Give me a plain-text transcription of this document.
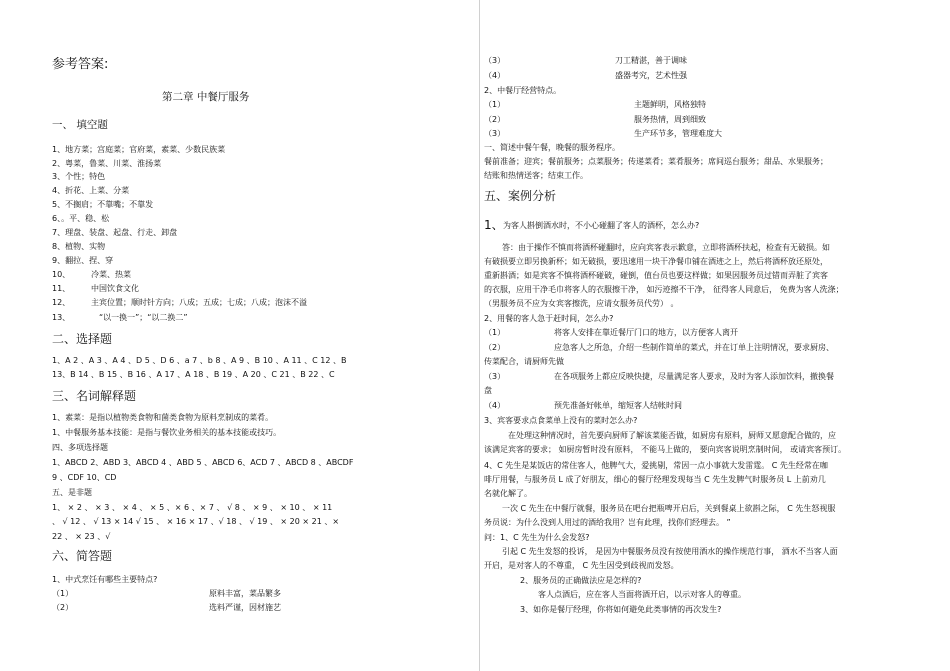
参考答案:
第二章 中餐厅服务
一、 填空题
1、地方菜；宫庭菜；官府菜，素菜、少数民族菜
2、粤菜，鲁菜、川菜、淮扬菜
3、个性；特色
4、折花、上菜、分菜
5、不搁肩；不靠嘴；不靠发
6、。平、稳、松
7、理盘、装盘、起盘、行走、卸盘
8、植物、实物
9、翻拉、捏、穿
10、	冷菜、热菜
11、	中国饮食文化
12、	主宾位置；顺时针方向；八成；五成；七成；八成；泡沫不溢
13、	“以一换一”；“以二换二”
二、选择题
1、A 2 、A 3 、A 4 、D 5 、D 6 、a 7 、b 8 、A 9 、B 10 、A 11 、C 12 、B
13、B 14 、B 15 、B 16 、A 17 、A 18 、B 19 、A 20 、C 21 、B 22 、C
三、名词解释题
1、素菜：是指以植物类食物和菌类食物为原料烹制成的菜肴。
1、中餐服务基本技能：是指与餐饮业务相关的基本技能或技巧。
四、多项选择题
1、ABCD 2、ABD 3、ABCD 4 、ABD 5 、ABCD 6、ACD 7 、ABCD 8 、ABCDF
9 、CDF 10、CD
五、是非题
1、 × 2 、 × 3 、 × 4 、 × 5 、× 6 、× 7 、 √ 8 、 × 9 、 × 10 、 × 11
、 √ 12 、 √ 13 × 14 √ 15 、 × 16 × 17 、√ 18 、 √ 19 、 × 20 × 21 、×
22 、 × 23 、√
六、简答题
1、中式烹饪有哪些主要特点?
（1）	原料丰富，菜品繁多
（2）	选料严谨，因材施艺
（3）	刀工精湛，善于调味
（4）	盛器考究，艺术性强
2、中餐厅经营特点。
（1）	主题鲜明，风格独特
（2）	服务热情，周到细致
（3）	生产环节多，管理难度大
一、简述中餐午餐，晚餐的服务程序。
餐前准备；迎宾；餐前服务；点菜服务；传递菜肴；菜肴服务；席间巡台服务；甜品、水果服务；
结账和热情送客；结束工作。
五、案例分析
1、 为客人斟倒酒水时，不小心碰翻了客人的酒杯，怎么办?
答：由于操作不慎而将酒杯碰翻时，应向宾客表示歉意，立即将酒杯扶起，检查有无破损。如
有破损要立即另换新杯；如无破损，要迅速用一块干净餐巾铺在酒迹之上，然后将酒杯放还原处，
重新斟酒；如是宾客不慎将酒杯碰破，碰倒，值台员也要这样做；如果因服务员过错而弄脏了宾客
的衣服，应用干净毛巾将客人的衣服擦干净， 如污迹擦不干净， 征得客人同意后， 免费为客人洗涤；
（男服务员不应为女宾客擦洗，应请女服务员代劳） 。
2、用餐的客人急于赶时间，怎么办?
（1）	将客人安排在靠近餐厅门口的地方，以方便客人离开
（2）	应急客人之所急，介绍一些制作简单的菜式，并在订单上注明情况，要求厨房、
传菜配合，请厨师先做
（3）	在各项服务上都应反映快捷，尽量满足客人要求，及时为客人添加饮料，撤换餐
盘
（4）	预先准备好帐单，缩短客人结帐时间
3、宾客要求点食菜单上没有的菜时怎么办?
在处理这种情况时，首先要向厨师了解该菜能否做，如厨房有原料，厨师又愿意配合做的，应
该满足宾客的要求； 如厨房暂时没有原料， 不能马上做的， 要向宾客说明烹制时间， 或请宾客预订。
4、C 先生是某饭店的常住客人，他脾气大，爱挑剔，常因一点小事就大发雷霆。 C 先生经常在咖
啡厅用餐，与服务员 L 成了好朋友，细心的餐厅经理发现每当 C 先生发脾气时服务员 L 上前劝几
名就化解了。
一次 C 先生在中餐厅就餐，服务员在吧台把瓶啤开启后，关到餐桌上欲斟之际， C 先生怒视服
务员说：为什么没到人用过的酒给我用？岂有此理，找你们经理去。 ”
问：1、C 先生为什么会发怒?
引起 C 先生发怒的投诉， 是因为中餐服务员没有按使用酒水的操作规范行事， 酒水不当客人面
开启，是对客人的不尊重， C 先生因受到歧视而发怒。
2、服务员的正确做法应是怎样的?
客人点酒后，应在客人当面将酒开启，以示对客人的尊重。
3、如你是餐厅经理，你将如何避免此类事情的再次发生?
